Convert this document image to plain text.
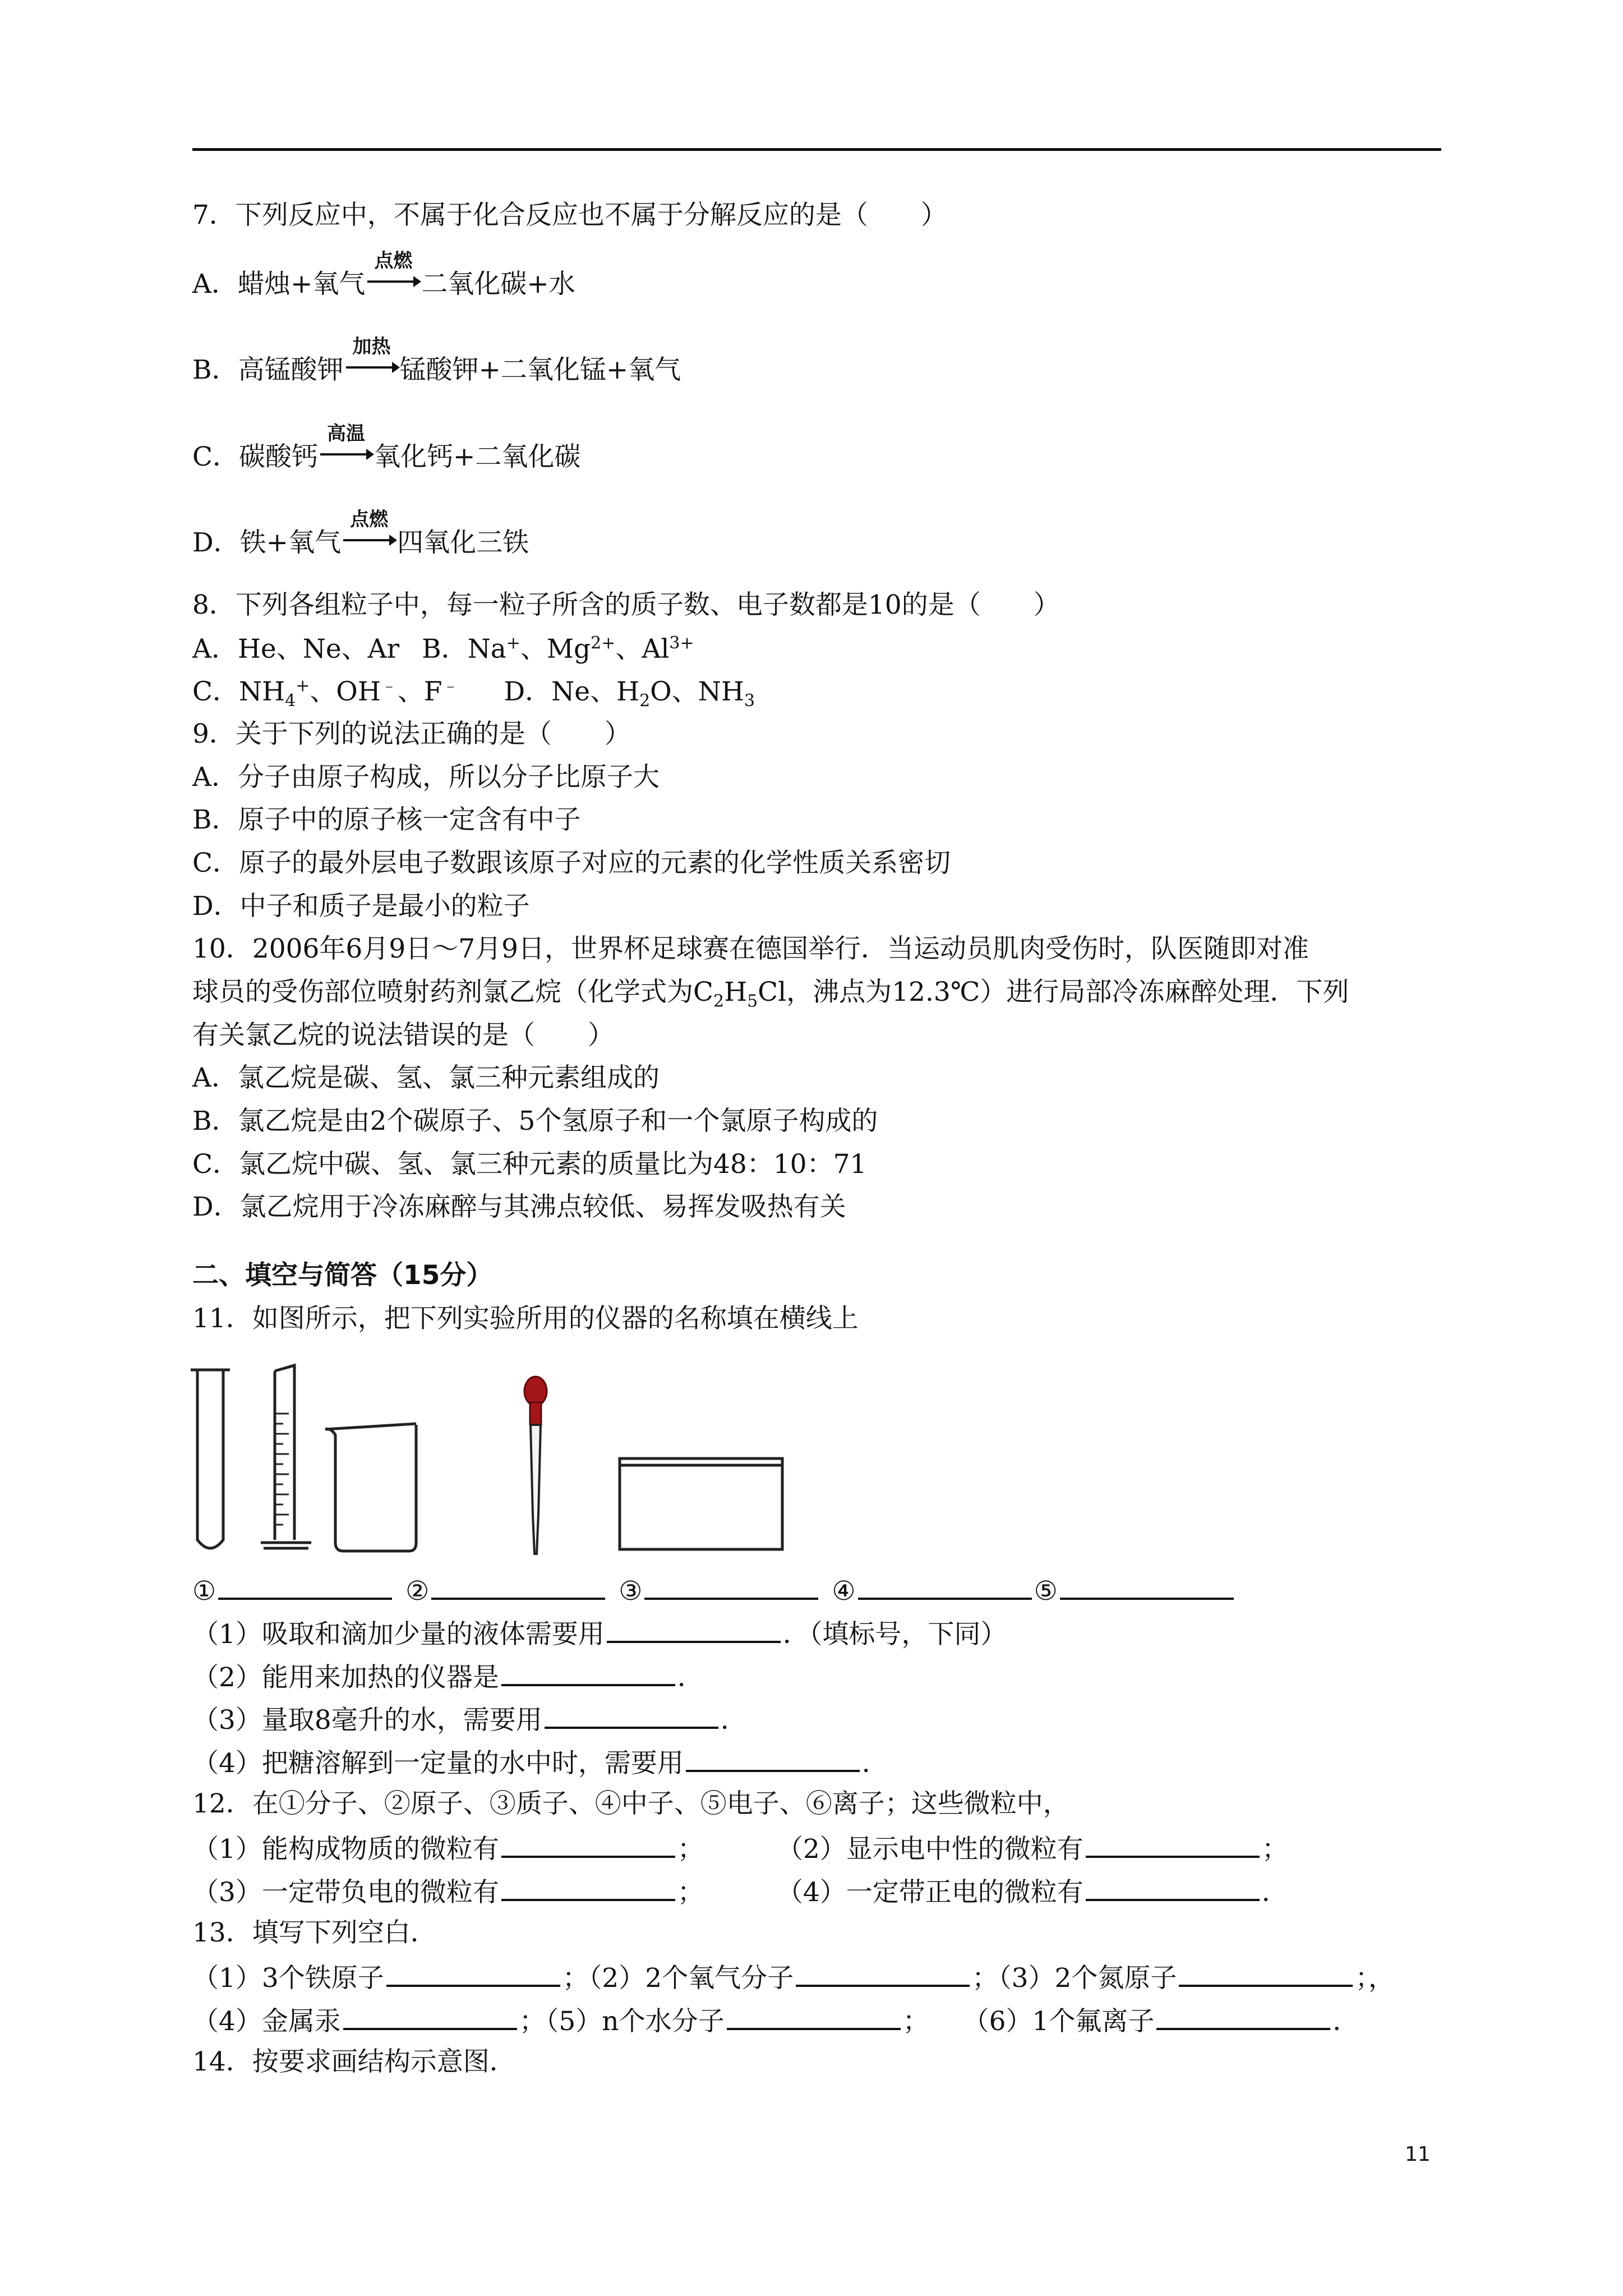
7．下列反应中，不属于化合反应也不属于分解反应的是（　　）
A．蜡烛+氧气
点燃
二氧化碳+水
B．高锰酸钾
加热
锰酸钾+二氧化锰+氧气
C．碳酸钙
高温
氧化钙+二氧化碳
D．铁+氧气
点燃
四氧化三铁
8．下列各组粒子中，每一粒子所含的质子数、电子数都是10的是（　　）
A．He、Ne、Ar B．Na+、$Mg^{2+}$、$Al^{3+}$
C．$NH_4^+$、OH﹣、F﹣ D．Ne、$H_2O$、$NH_3$
9．关于下列的说法正确的是（　　）
A．分子由原子构成，所以分子比原子大
B．原子中的原子核一定含有中子
C．原子的最外层电子数跟该原子对应的元素的化学性质关系密切
D．中子和质子是最小的粒子
10．2006年6月9日～7月9日，世界杯足球赛在德国举行．当运动员肌肉受伤时，队医随即对准
球员的受伤部位喷射药剂氯乙烷（化学式为$C_2H_5Cl$，沸点为12.3℃）进行局部冷冻麻醉处理．下列
有关氯乙烷的说法错误的是（　　）
A．氯乙烷是碳、氢、氯三种元素组成的
B．氯乙烷是由2个碳原子、5个氢原子和一个氯原子构成的
C．氯乙烷中碳、氢、氯三种元素的质量比为48：10：71
D．氯乙烷用于冷冻麻醉与其沸点较低、易挥发吸热有关
二、填空与简答（15分）
11．如图所示，把下列实验所用的仪器的名称填在横线上
①	②	③	④	⑤
（1）吸取和滴加少量的液体需要用	．（填标号，下同）
（2）能用来加热的仪器是	．
（3）量取8毫升的水，需要用	．
（4）把糖溶解到一定量的水中时，需要用	．
12．在①分子、②原子、③质子、④中子、⑤电子、⑥离子；这些微粒中，
（1）能构成物质的微粒有	；	（2）显示电中性的微粒有	；
（3）一定带负电的微粒有	；	（4）一定带正电的微粒有	．
13．填写下列空白．
（1）3个铁原子	；（2）2个氧气分子	；（3）2个氮原子	；，
（4）金属汞	；（5）n个水分子	； （6）1个氟离子	．
14．按要求画结构示意图．
11
